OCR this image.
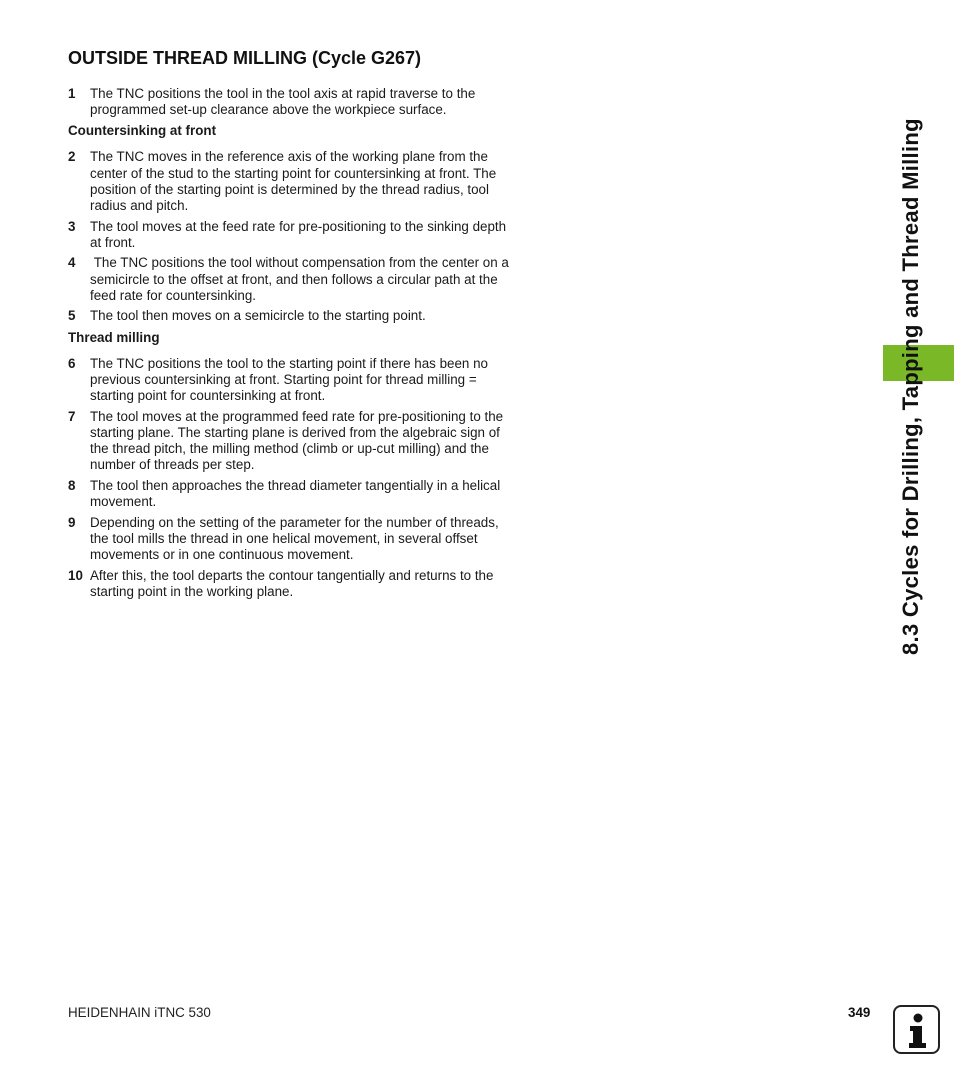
OUTSIDE THREAD MILLING (Cycle G267)
1	The TNC positions the tool in the tool axis at rapid traverse to the programmed set-up clearance above the workpiece surface.
Countersinking at front
2	The TNC moves in the reference axis of the working plane from the center of the stud to the starting point for countersinking at front. The position of the starting point is determined by the thread radius, tool radius and pitch.
3	The tool moves at the feed rate for pre-positioning to the sinking depth at front.
4	The TNC positions the tool without compensation from the center on a semicircle to the offset at front, and then follows a circular path at the feed rate for countersinking.
5	The tool then moves on a semicircle to the starting point.
Thread milling
6	The TNC positions the tool to the starting point if there has been no previous countersinking at front. Starting point for thread milling = starting point for countersinking at front.
7	The tool moves at the programmed feed rate for pre-positioning to the starting plane. The starting plane is derived from the algebraic sign of the thread pitch, the milling method (climb or up-cut milling) and the number of threads per step.
8	The tool then approaches the thread diameter tangentially in a helical movement.
9	Depending on the setting of the parameter for the number of threads, the tool mills the thread in one helical movement, in several offset movements or in one continuous movement.
10 After this, the tool departs the contour tangentially and returns to the starting point in the working plane.	8.3 Cycles for Drilling, Tapping and Thread Milling
HEIDENHAIN iTNC 530	349
